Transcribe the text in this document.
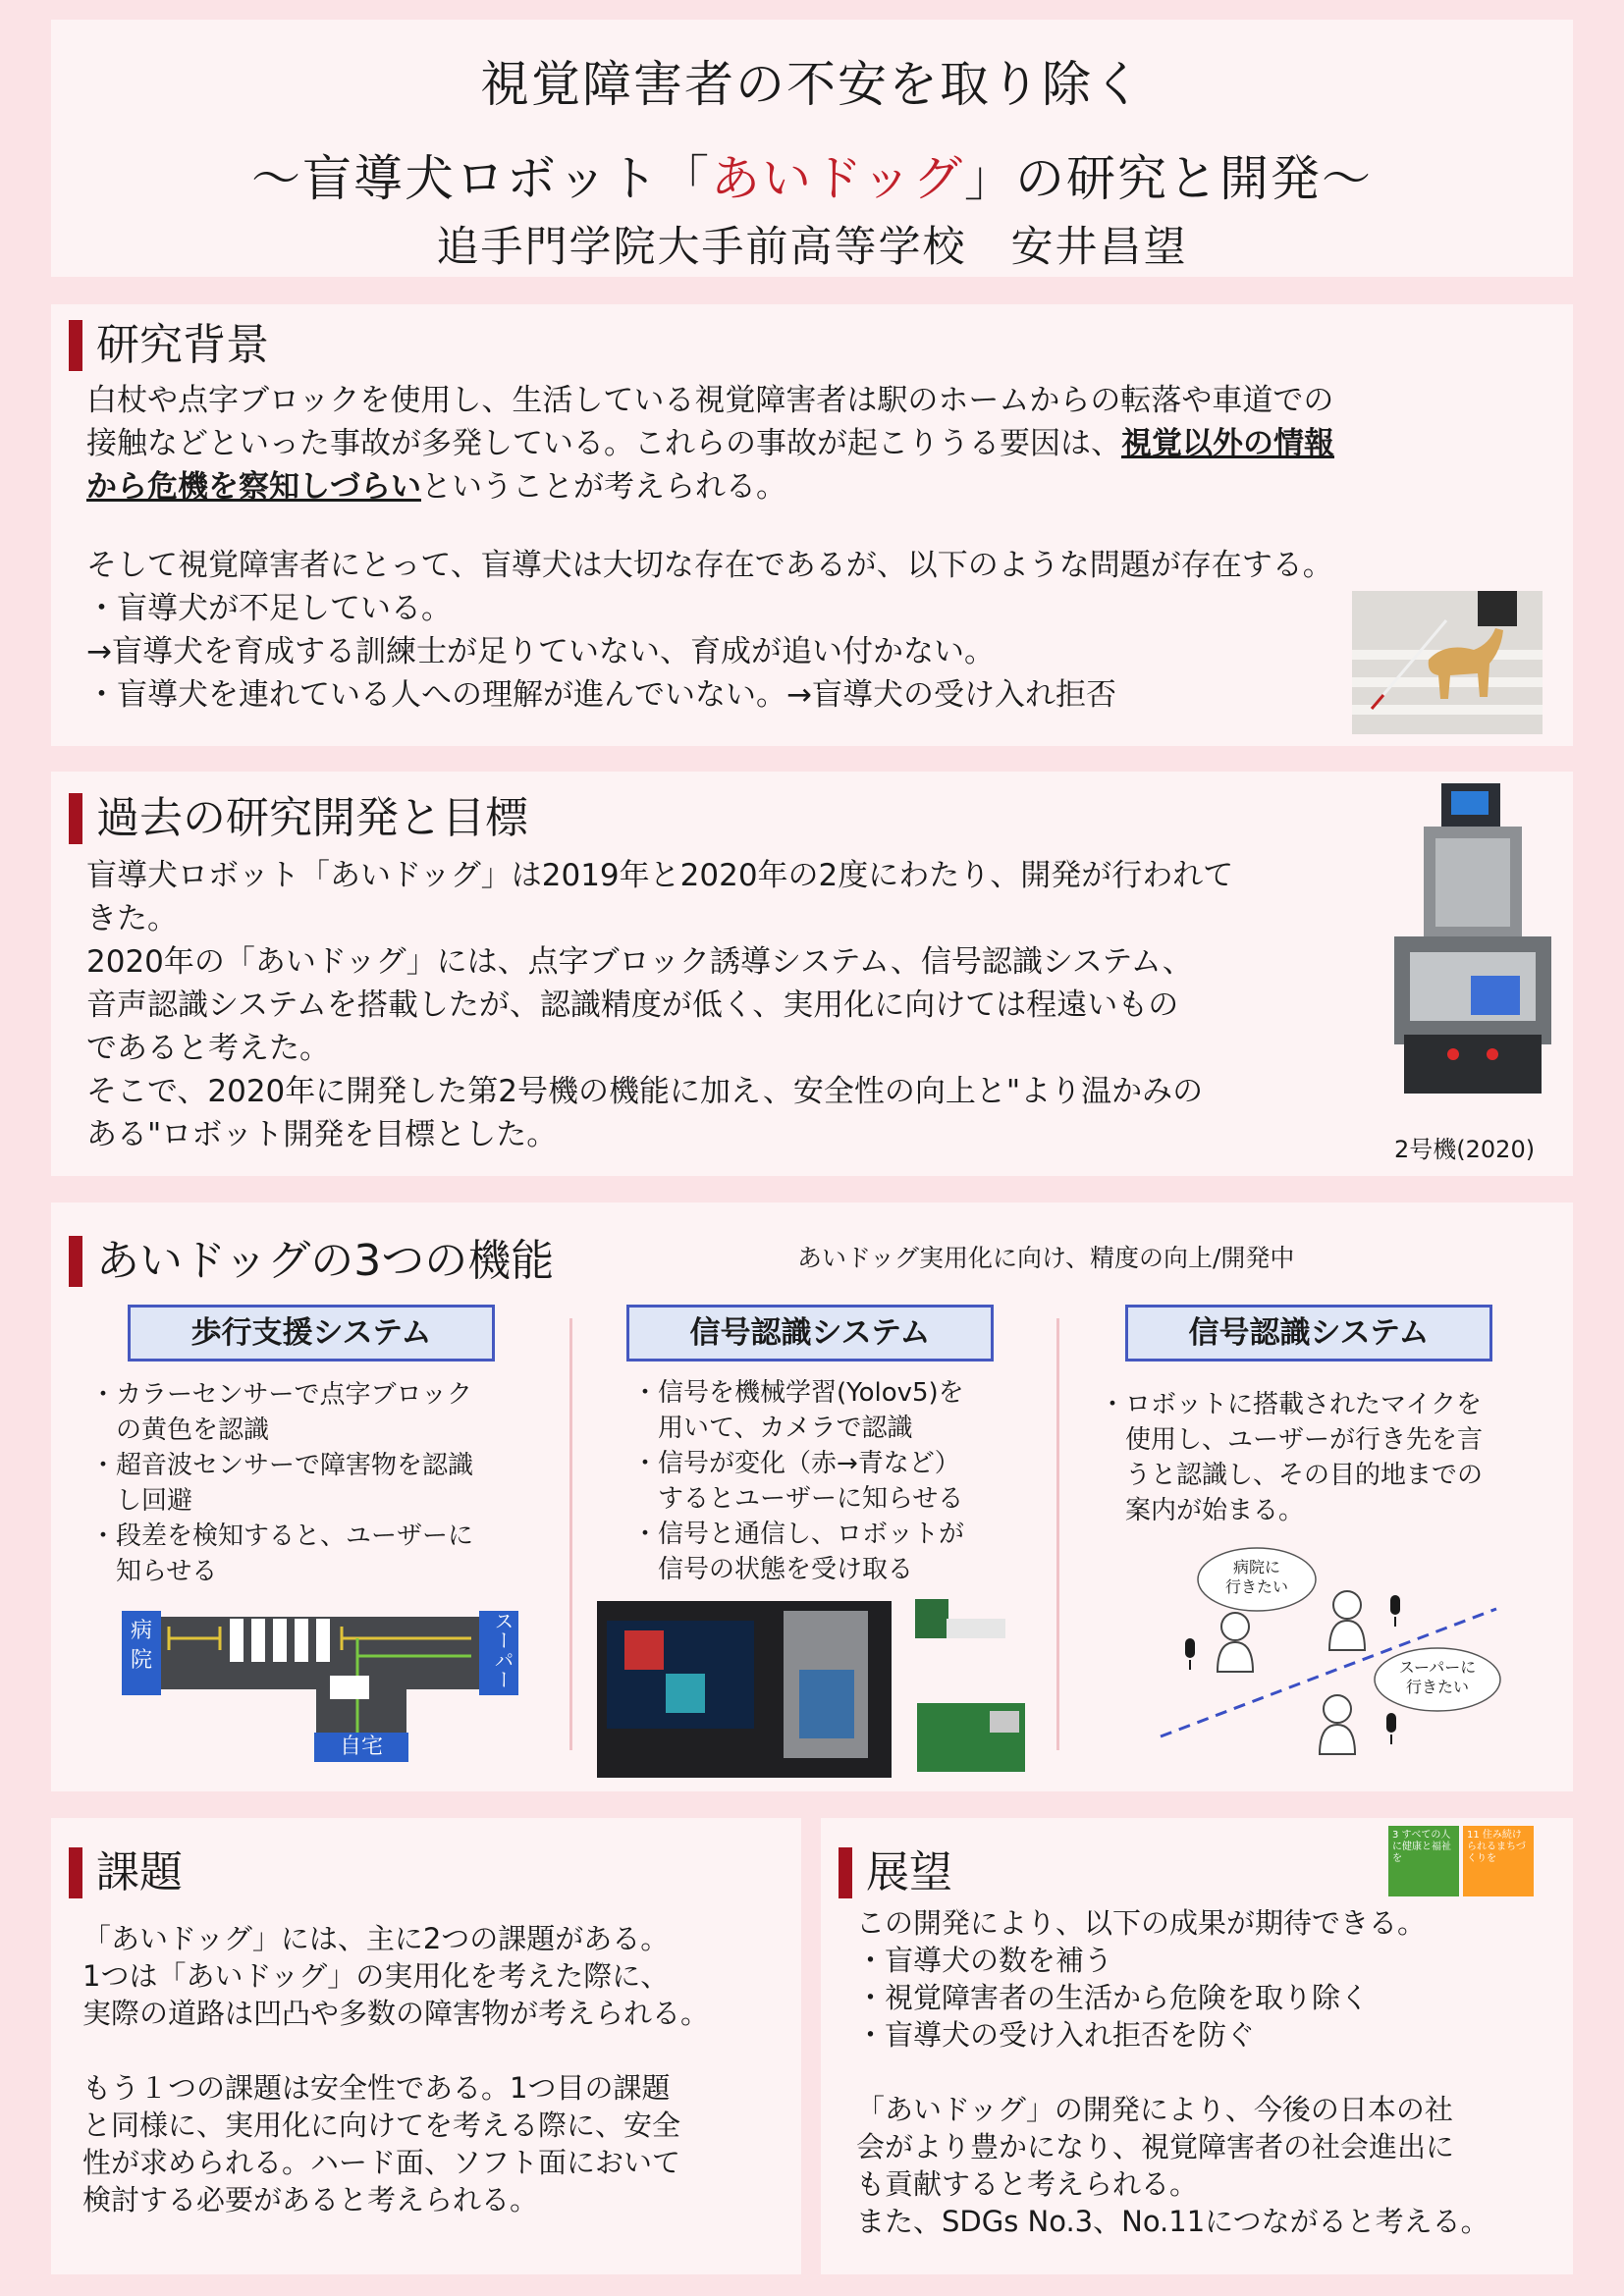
視覚障害者の不安を取り除く
〜盲導犬ロボット「あいドッグ」の研究と開発〜
追手門学院大手前高等学校　安井昌望
研究背景
白杖や点字ブロックを使用し、生活している視覚障害者は駅のホームからの転落や車道での
接触などといった事故が多発している。これらの事故が起こりうる要因は、視覚以外の情報
から危機を察知しづらいということが考えられる。
そして視覚障害者にとって、盲導犬は大切な存在であるが、以下のような問題が存在する。
・盲導犬が不足している。
→盲導犬を育成する訓練士が足りていない、育成が追い付かない。
・盲導犬を連れている人への理解が進んでいない。→盲導犬の受け入れ拒否
過去の研究開発と目標
盲導犬ロボット「あいドッグ」は2019年と2020年の2度にわたり、開発が行われて
きた。
2020年の「あいドッグ」には、点字ブロック誘導システム、信号認識システム、
音声認識システムを搭載したが、認識精度が低く、実用化に向けては程遠いもの
であると考えた。
そこで、2020年に開発した第2号機の機能に加え、安全性の向上と"より温かみの
ある"ロボット開発を目標とした。	2号機(2020)
あいドッグの3つの機能	あいドッグ実用化に向け、精度の向上/開発中
歩行支援システム
・カラーセンサーで点字ブロック
　の黄色を認識
・超音波センサーで障害物を認識
　し回避
・段差を検知すると、ユーザーに
　知らせる
病院	スーパー
自宅
信号認識システム
・信号を機械学習(Yolov5)を
　用いて、カメラで認識
・信号が変化（赤→青など）
　するとユーザーに知らせる
・信号と通信し、ロボットが
　信号の状態を受け取る
信号認識システム
・ロボットに搭載されたマイクを
　使用し、ユーザーが行き先を言
　うと認識し、その目的地までの
　案内が始まる。
病院に
行きたい
スーパーに
行きたい
課題
「あいドッグ」には、主に2つの課題がある。
1つは「あいドッグ」の実用化を考えた際に、
実際の道路は凹凸や多数の障害物が考えられる。

もう１つの課題は安全性である。1つ目の課題
と同様に、実用化に向けてを考える際に、安全
性が求められる。ハード面、ソフト面において
検討する必要があると考えられる。
展望
この開発により、以下の成果が期待できる。
・盲導犬の数を補う
・視覚障害者の生活から危険を取り除く
・盲導犬の受け入れ拒否を防ぐ

「あいドッグ」の開発により、今後の日本の社
会がより豊かになり、視覚障害者の社会進出に
も貢献すると考えられる。
また、SDGs No.3、No.11につながると考える。
3 すべての人に健康と福祉を
11 住み続けられるまちづくりを
